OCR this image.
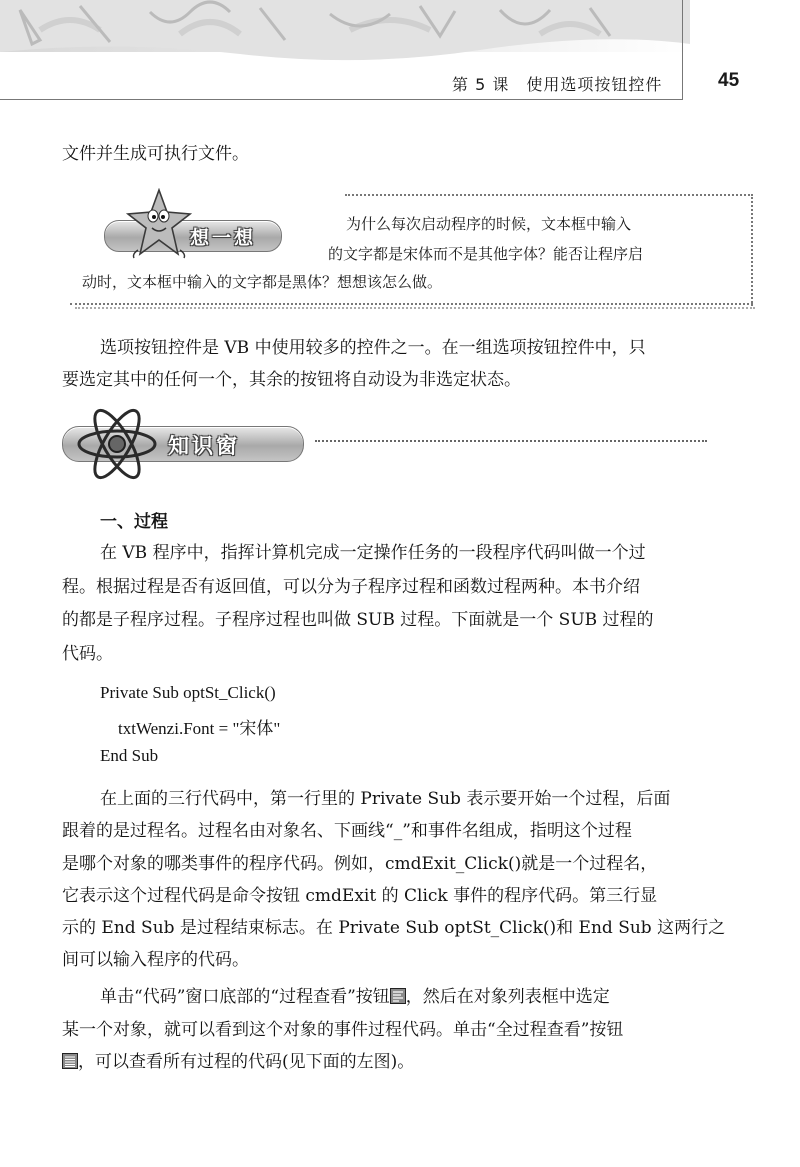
第 5 课　使用选项按钮控件	45
文件并生成可执行文件。
想一想
为什么每次启动程序的时候，文本框中输入
的文字都是宋体而不是其他字体？能否让程序启
动时，文本框中输入的文字都是黑体？想想该怎么做。
选项按钮控件是 VB 中使用较多的控件之一。在一组选项按钮控件中，只
要选定其中的任何一个，其余的按钮将自动设为非选定状态。
知识窗
一、过程
在 VB 程序中，指挥计算机完成一定操作任务的一段程序代码叫做一个过
程。根据过程是否有返回值，可以分为子程序过程和函数过程两种。本书介绍
的都是子程序过程。子程序过程也叫做 SUB 过程。下面就是一个 SUB 过程的
代码。
Private Sub optSt_Click()
txtWenzi.Font = "宋体"
End Sub
在上面的三行代码中，第一行里的 Private Sub 表示要开始一个过程，后面
跟着的是过程名。过程名由对象名、下画线“_”和事件名组成，指明这个过程
是哪个对象的哪类事件的程序代码。例如，cmdExit_Click()就是一个过程名，
它表示这个过程代码是命令按钮 cmdExit 的 Click 事件的程序代码。第三行显
示的 End Sub 是过程结束标志。在 Private Sub optSt_Click()和 End Sub 这两行之
间可以输入程序的代码。
单击“代码”窗口底部的“过程查看”按钮 ，然后在对象列表框中选定
某一个对象，就可以看到这个对象的事件过程代码。单击“全过程查看”按钮
，可以查看所有过程的代码(见下面的左图)。
